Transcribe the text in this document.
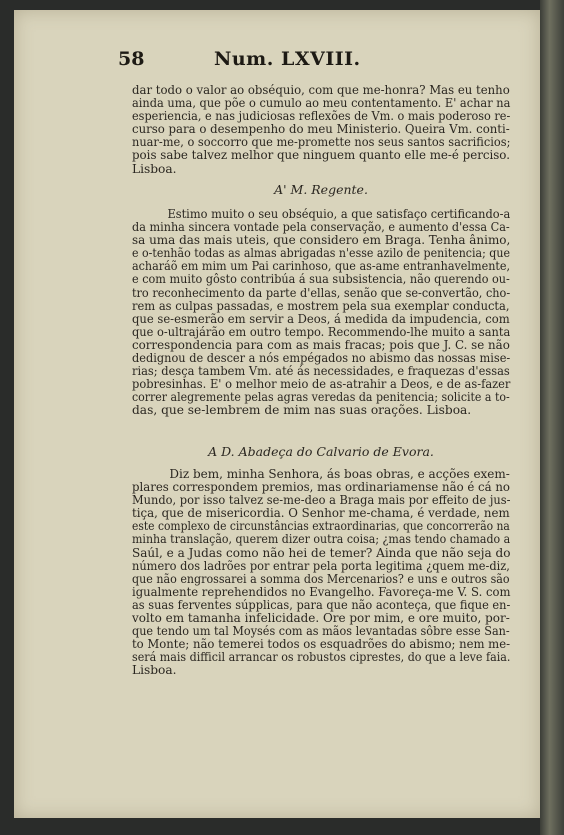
58	Num. LXVIII.
dar todo o valor ao obséquio, com que me-honra? Mas eu tenho
ainda uma, que põe o cumulo ao meu contentamento. E' achar na
esperiencia, e nas judiciosas reflexões de Vm. o mais poderoso re-
curso para o desempenho do meu Ministerio. Queira Vm. conti-
nuar-me, o soccorro que me-promette nos seus santos sacrificios;
pois sabe talvez melhor que ninguem quanto elle me-é perciso.
Lisboa.
A' M. Regente.
Estimo muito o seu obséquio, a que satisfaço certificando-a
da minha sincera vontade pela conservação, e aumento d'essa Ca-
sa uma das mais uteis, que considero em Braga. Tenha ânimo,
e o-tenhão todas as almas abrigadas n'esse azilo de penitencia; que
acharáõ em mim um Pai carinhoso, que as-ame entranhavelmente,
e com muito gôsto contribúa á sua subsistencia, não querendo ou-
tro reconhecimento da parte d'ellas, senão que se-convertão, cho-
rem as culpas passadas, e mostrem pela sua exemplar conducta,
que se-esmerão em servir a Deos, á medida da impudencia, com
que o-ultrajárão em outro tempo. Recommendo-lhe muito a santa
correspondencia para com as mais fracas; pois que J. C. se não
dedignou de descer a nós empégados no abismo das nossas mise-
rias; desça tambem Vm. até ás necessidades, e fraquezas d'essas
pobresinhas. E' o melhor meio de as-atrahir a Deos, e de as-fazer
correr alegremente pelas agras veredas da penitencia; solicite a to-
das, que se-lembrem de mim nas suas orações. Lisboa.
A D. Abadeça do Calvario de Evora.
Diz bem, minha Senhora, ás boas obras, e acções exem-
plares correspondem premios, mas ordinariamense não é cá no
Mundo, por isso talvez se-me-deo a Braga mais por effeito de jus-
tiça, que de misericordia. O Senhor me-chama, é verdade, nem
este complexo de circunstâncias extraordinarias, que concorrerão na
minha translação, querem dizer outra coisa; ¿mas tendo chamado a
Saúl, e a Judas como não hei de temer? Ainda que não seja do
número dos ladrões por entrar pela porta legitima ¿quem me-diz,
que não engrossarei a somma dos Mercenarios? e uns e outros são
igualmente reprehendidos no Evangelho. Favoreça-me V. S. com
as suas ferventes súpplicas, para que não aconteça, que fique en-
volto em tamanha infelicidade. Ore por mim, e ore muito, por-
que tendo um tal Moysés com as mãos levantadas sôbre esse San-
to Monte; não temerei todos os esquadrões do abismo; nem me-
será mais difficil arrancar os robustos ciprestes, do que a leve faia.
Lisboa.
